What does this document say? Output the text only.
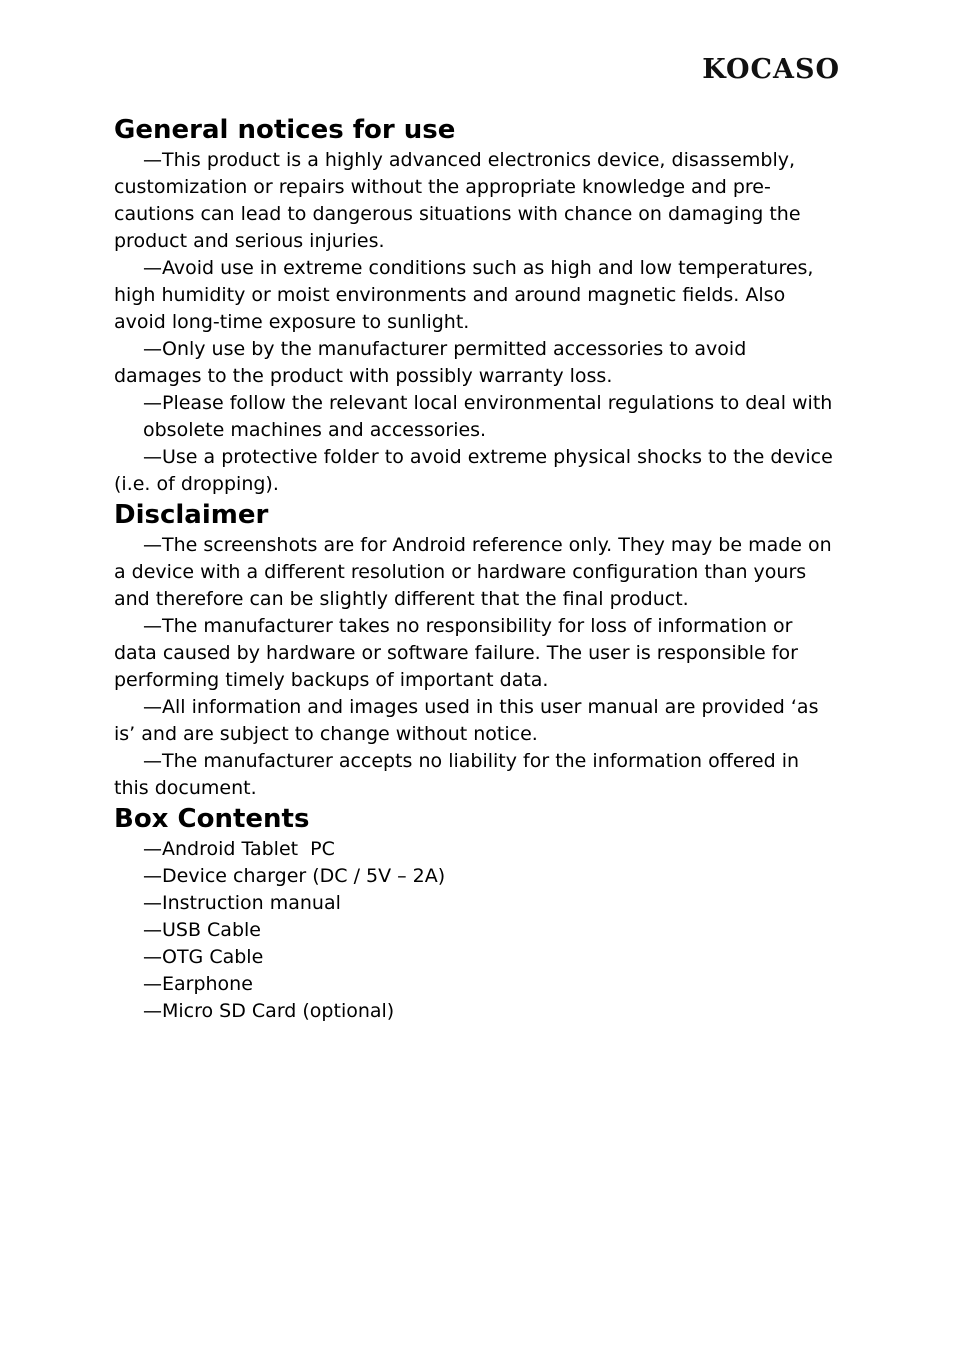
KOCASO
General notices for use

—This product is a highly advanced electronics device, disassembly, customization or repairs without the appropriate knowledge and pre-cautions can lead to dangerous situations with chance on damaging the product and serious injuries.

—Avoid use in extreme conditions such as high and low temperatures, high humidity or moist environments and around magnetic fields. Also avoid long-time exposure to sunlight.

—Only use by the manufacturer permitted accessories to avoid damages to the product with possibly warranty loss.

—Please follow the relevant local environmental regulations to deal with obsolete machines and accessories.

—Use a protective folder to avoid extreme physical shocks to the device (i.e. of dropping).

Disclaimer

—The screenshots are for Android reference only. They may be made on a device with a different resolution or hardware configuration than yours and therefore can be slightly different that the final product.

—The manufacturer takes no responsibility for loss of information or data caused by hardware or software failure. The user is responsible for performing timely backups of important data.

—All information and images used in this user manual are provided ‘as is’ and are subject to change without notice.

—The manufacturer accepts no liability for the information offered in this document.

Box Contents

—Android Tablet  PC

—Device charger (DC / 5V – 2A)

—Instruction manual

—USB Cable

—OTG Cable

—Earphone

—Micro SD Card (optional)
